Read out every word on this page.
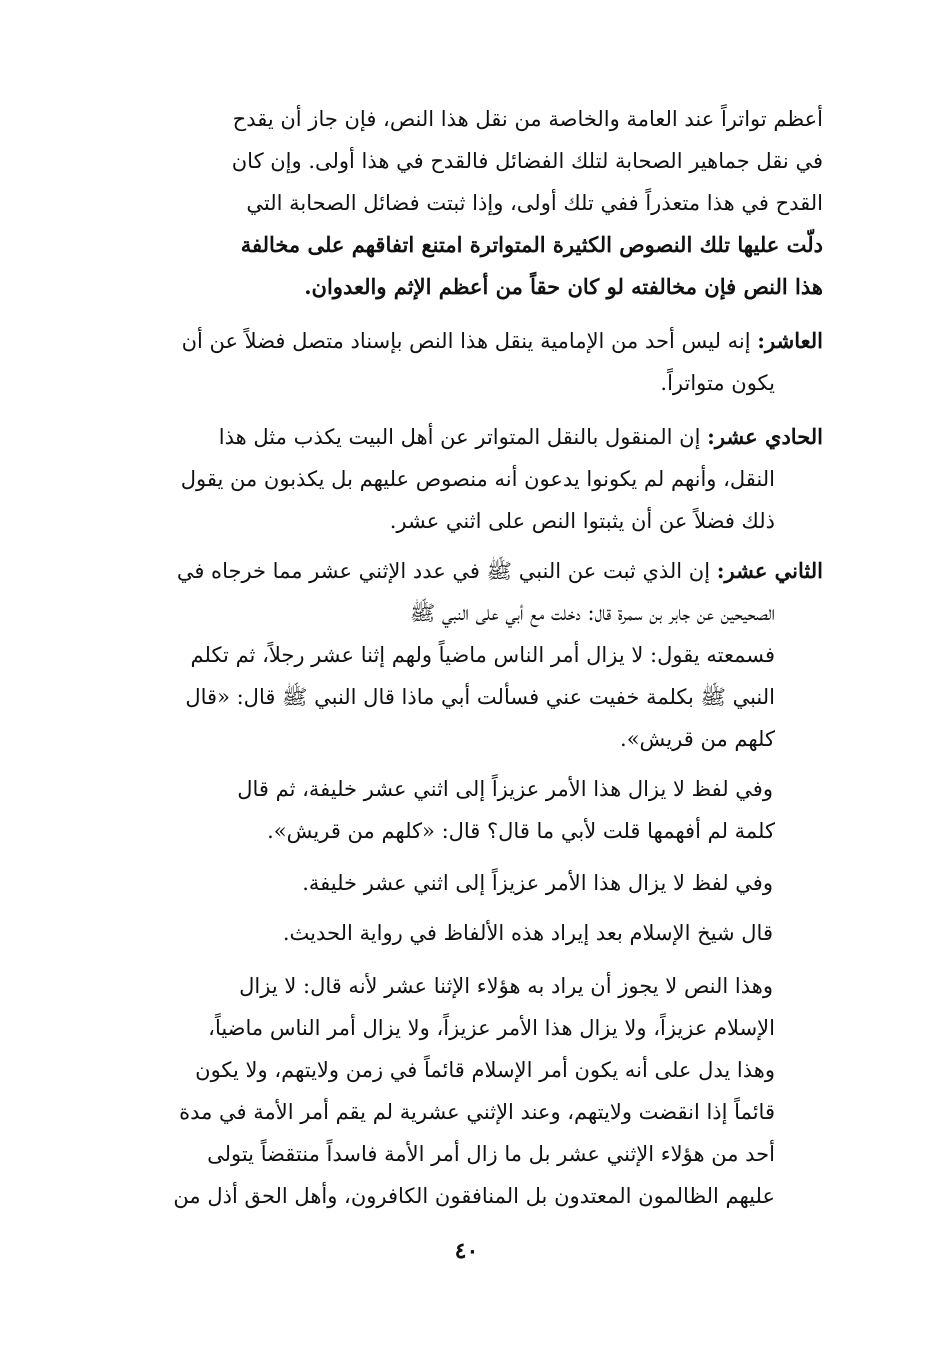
أعظم تواتراً عند العامة والخاصة من نقل هذا النص، فإن جاز أن يقدح
في نقل جماهير الصحابة لتلك الفضائل فالقدح في هذا أولى. وإن كان
القدح في هذا متعذراً ففي تلك أولى، وإذا ثبتت فضائل الصحابة التي
دلّت عليها تلك النصوص الكثيرة المتواترة امتنع اتفاقهم على مخالفة
هذا النص فإن مخالفته لو كان حقاً من أعظم الإثم والعدوان.
العاشر: إنه ليس أحد من الإمامية ينقل هذا النص بإسناد متصل فضلاً عن أن
يكون متواتراً.
الحادي عشر: إن المنقول بالنقل المتواتر عن أهل البيت يكذب مثل هذا
النقل، وأنهم لم يكونوا يدعون أنه منصوص عليهم بل يكذبون من يقول
ذلك فضلاً عن أن يثبتوا النص على اثني عشر.
الثاني عشر: إن الذي ثبت عن النبي ﷺ في عدد الإثني عشر مما خرجاه في
الصحيحين عن جابر بن سمرة قال: دخلت مع أبي على النبي ﷺ
فسمعته يقول: لا يزال أمر الناس ماضياً ولهم إثنا عشر رجلاً، ثم تكلم
النبي ﷺ بكلمة خفيت عني فسألت أبي ماذا قال النبي ﷺ قال: «قال
كلهم من قريش».
وفي لفظ لا يزال هذا الأمر عزيزاً إلى اثني عشر خليفة، ثم قال
كلمة لم أفهمها قلت لأبي ما قال؟ قال: «كلهم من قريش».
وفي لفظ لا يزال هذا الأمر عزيزاً إلى اثني عشر خليفة.
قال شيخ الإسلام بعد إيراد هذه الألفاظ في رواية الحديث.
وهذا النص لا يجوز أن يراد به هؤلاء الإثنا عشر لأنه قال: لا يزال
الإسلام عزيزاً، ولا يزال هذا الأمر عزيزاً، ولا يزال أمر الناس ماضياً،
وهذا يدل على أنه يكون أمر الإسلام قائماً في زمن ولايتهم، ولا يكون
قائماً إذا انقضت ولايتهم، وعند الإثني عشرية لم يقم أمر الأمة في مدة
أحد من هؤلاء الإثني عشر بل ما زال أمر الأمة فاسداً منتقضاً يتولى
عليهم الظالمون المعتدون بل المنافقون الكافرون، وأهل الحق أذل من
٤٠
